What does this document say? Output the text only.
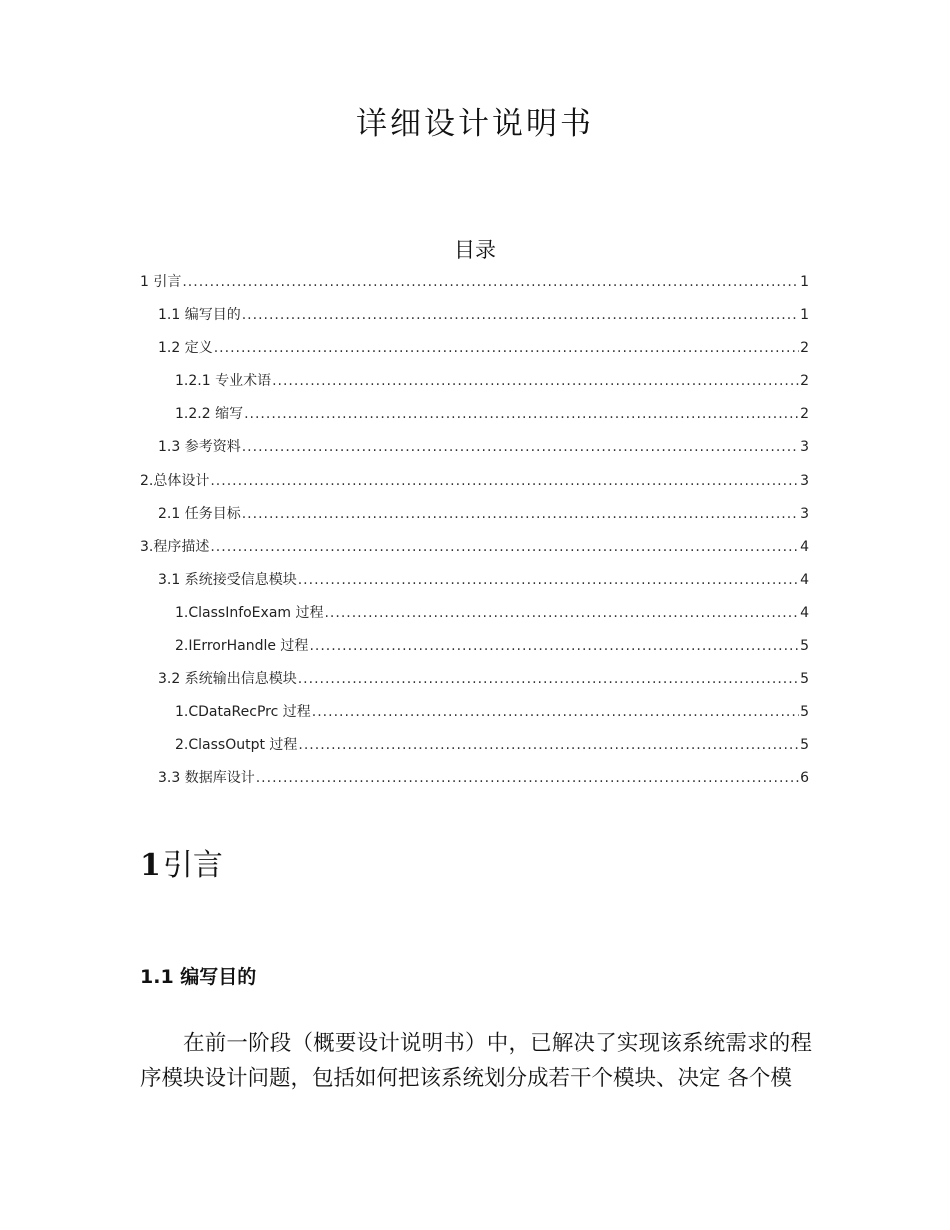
详细设计说明书
目录
1 引言 .....	1
1.1 编写目的 .....	1
1.2 定义 .....	2
1.2.1 专业术语 .....	2
1.2.2 缩写 .....	2
1.3 参考资料 .....	3
2.总体设计 .....	3
2.1 任务目标 .....	3
3.程序描述 .....	4
3.1 系统接受信息模块 .....	4
1.ClassInfoExam 过程 .....	4
2.IErrorHandle 过程 .....	5
3.2 系统输出信息模块 .....	5
1.CDataRecPrc 过程 .....	5
2.ClassOutpt 过程 .....	5
3.3 数据库设计 .....	6
1引言
1.1 编写目的
在前一阶段（概要设计说明书）中，已解决了实现该系统需求的程序模块设计问题，包括如何把该系统划分成若干个模块、决定 各个模
